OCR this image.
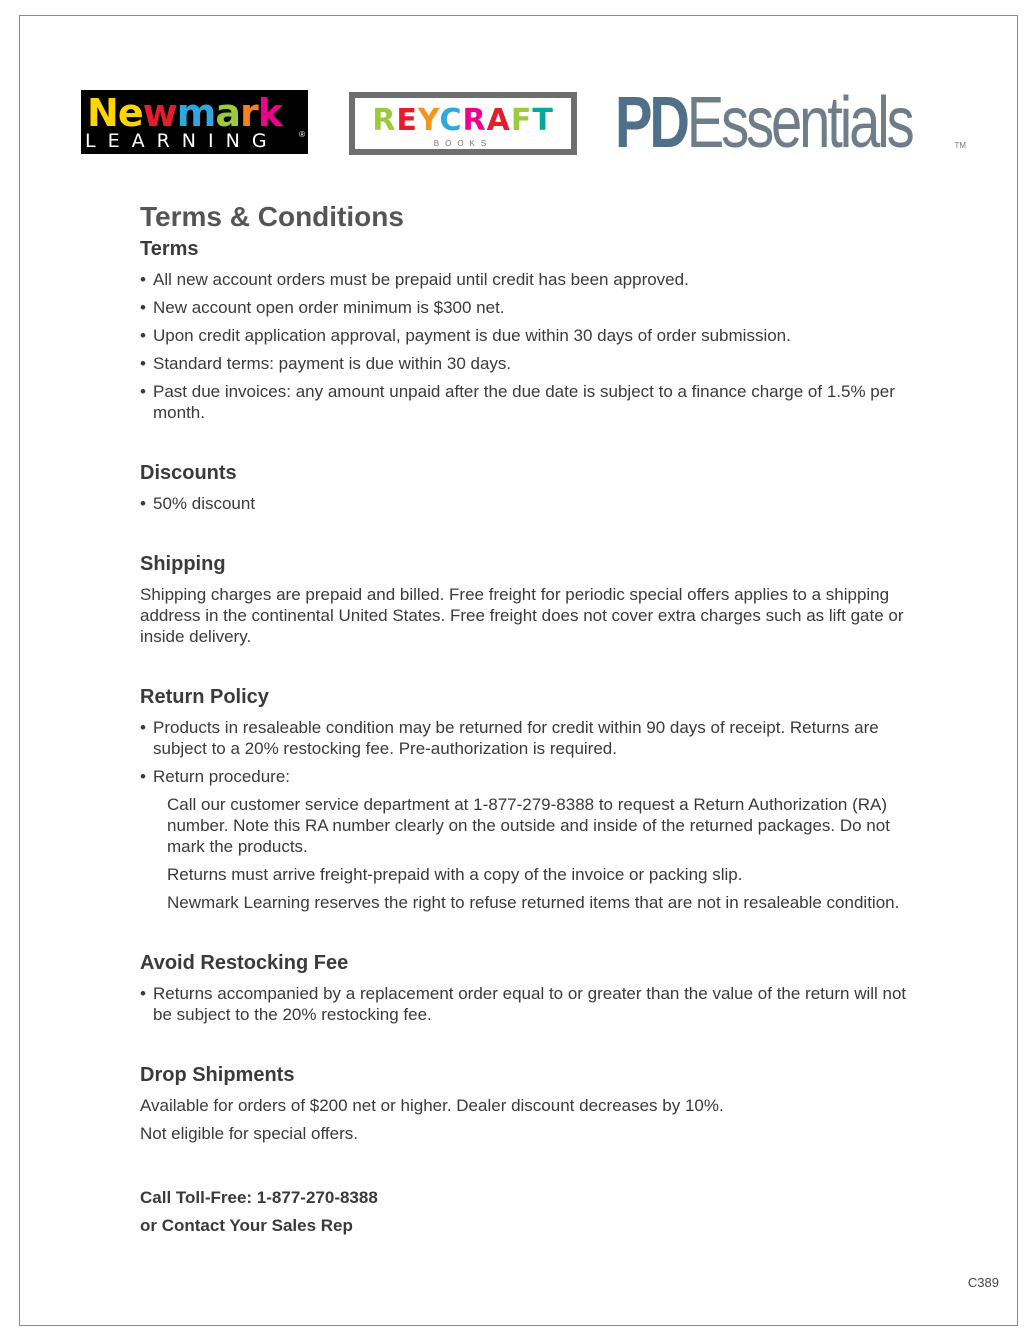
Newmark
LEARNING	®	REYCRAFT
BOOKS	PDEssentials	TM
Terms & Conditions
Terms
• All new account orders must be prepaid until credit has been approved.
• New account open order minimum is $300 net.
• Upon credit application approval, payment is due within 30 days of order submission.
• Standard terms: payment is due within 30 days.
• Past due invoices: any amount unpaid after the due date is subject to a finance charge of 1.5% per month.
Discounts
• 50% discount
Shipping

Shipping charges are prepaid and billed. Free freight for periodic special offers applies to a shipping address in the continental United States. Free freight does not cover extra charges such as lift gate or inside delivery.

Return Policy
• Products in resaleable condition may be returned for credit within 90 days of receipt. Returns are subject to a 20% restocking fee. Pre-authorization is required.
• Return procedure:

Call our customer service department at 1-877-279-8388 to request a Return Authorization (RA) number. Note this RA number clearly on the outside and inside of the returned packages. Do not mark the products.

Returns must arrive freight-prepaid with a copy of the invoice or packing slip.

Newmark Learning reserves the right to refuse returned items that are not in resaleable condition.

Avoid Restocking Fee
• Returns accompanied by a replacement order equal to or greater than the value of the return will not be subject to the 20% restocking fee.
Drop Shipments

Available for orders of $200 net or higher. Dealer discount decreases by 10%.

Not eligible for special offers.

Call Toll-Free: 1-877-270-8388
or Contact Your Sales Rep
C389
